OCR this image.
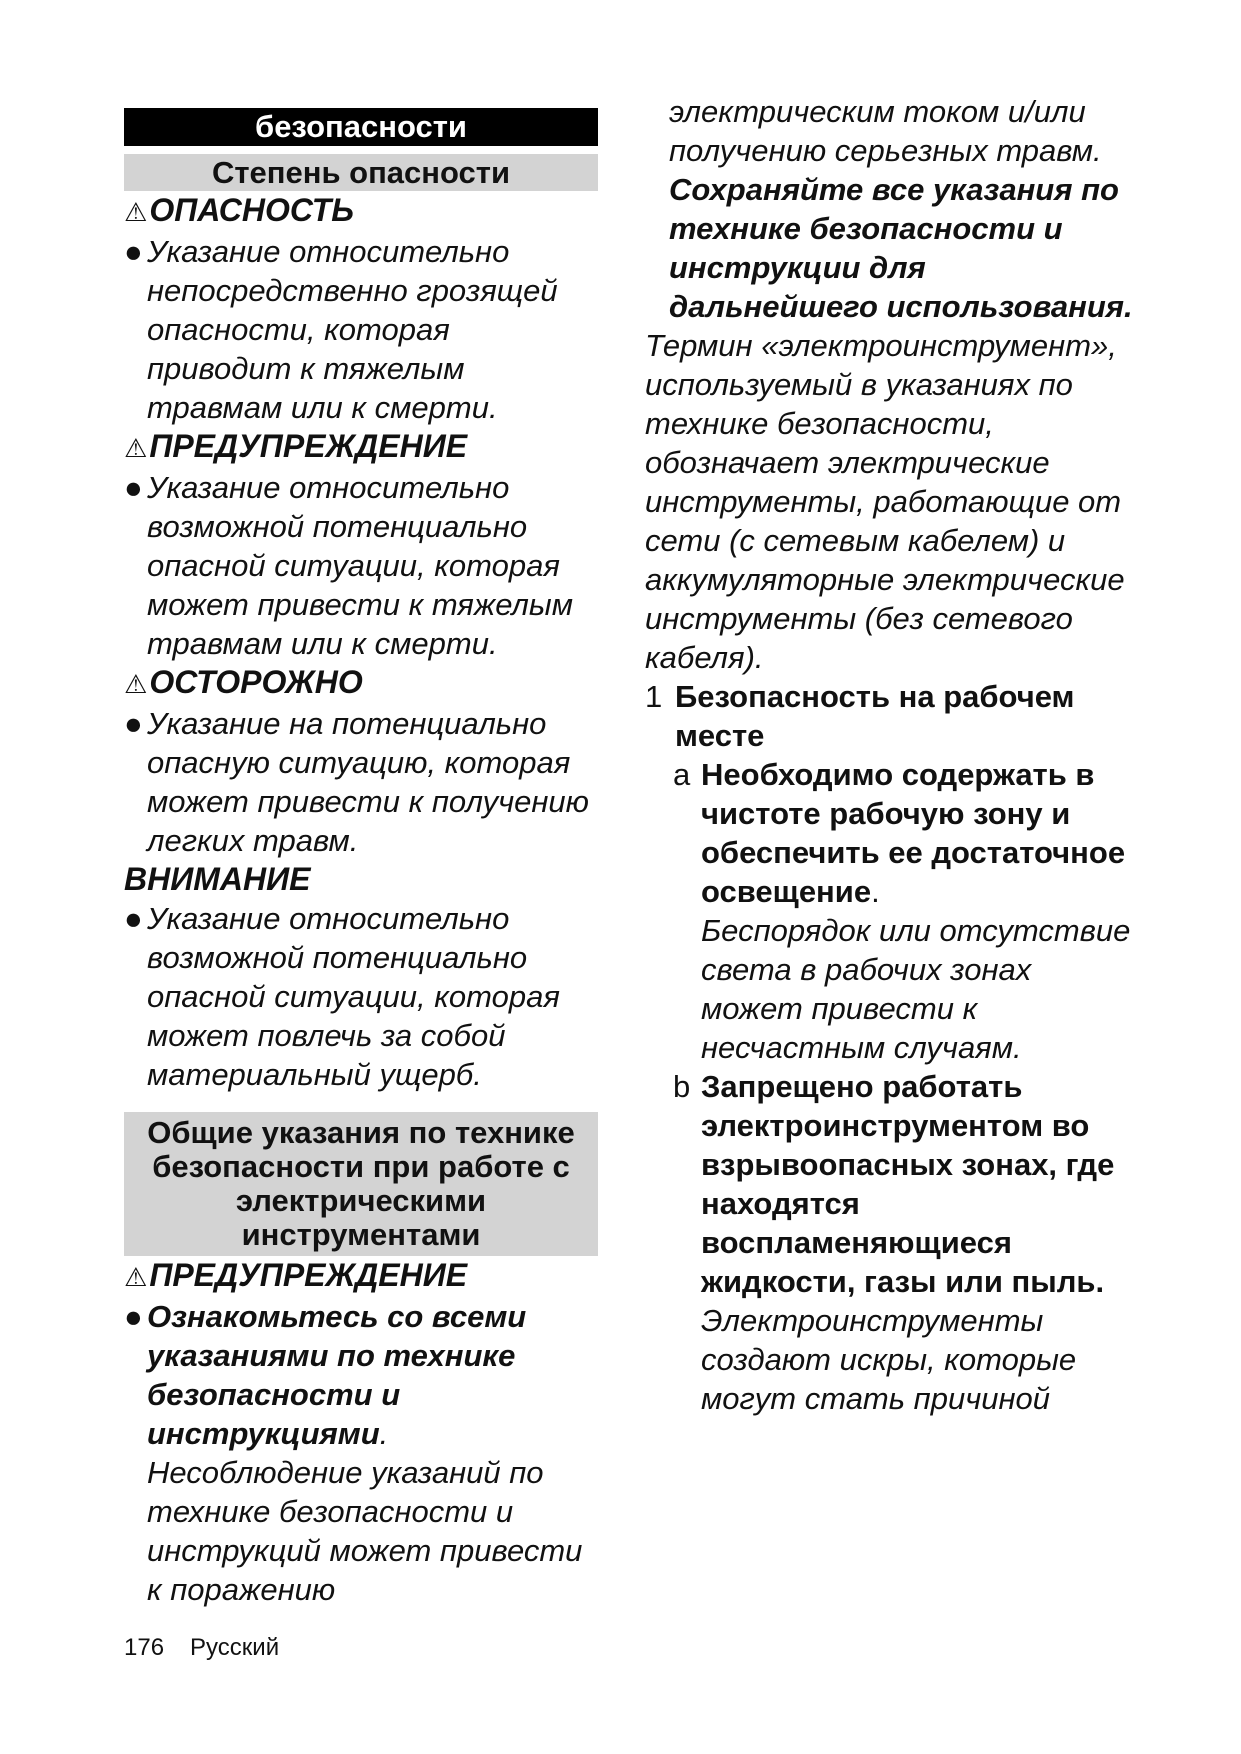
безопасности
Степень опасности
⚠ОПАСНОСТЬ
● Указание относительно непосредственно грозящей опасности, которая приводит к тяжелым травмам или к смерти.
⚠ПРЕДУПРЕЖДЕНИЕ
● Указание относительно возможной потенциально опасной ситуации, которая может привести к тяжелым травмам или к смерти.
⚠ОСТОРОЖНО
● Указание на потенциально опасную ситуацию, которая может привести к получению легких травм.
ВНИМАНИЕ
● Указание относительно возможной потенциально опасной ситуации, которая может повлечь за собой материальный ущерб.
Общие указания по технике безопасности при работе с электрическими инструментами
⚠ПРЕДУПРЕЖДЕНИЕ
● Ознакомьтесь со всеми указаниями по технике безопасности и инструкциями.
Несоблюдение указаний по технике безопасности и инструкций может привести к поражению
электрическим током и/или получению серьезных травм. Сохраняйте все указания по технике безопасности и инструкции для дальнейшего использования.
Термин «электроинструмент», используемый в указаниях по технике безопасности, обозначает электрические инструменты, работающие от сети (с сетевым кабелем) и аккумуляторные электрические инструменты (без сетевого кабеля).
1 Безопасность на рабочем месте
a Необходимо содержать в чистоте рабочую зону и обеспечить ее достаточное освещение.
Беспорядок или отсутствие света в рабочих зонах может привести к несчастным случаям.
b Запрещено работать электроинструментом во взрывоопасных зонах, где находятся воспламеняющиеся жидкости, газы или пыль.
Электроинструменты создают искры, которые могут стать причиной
176 Русский
